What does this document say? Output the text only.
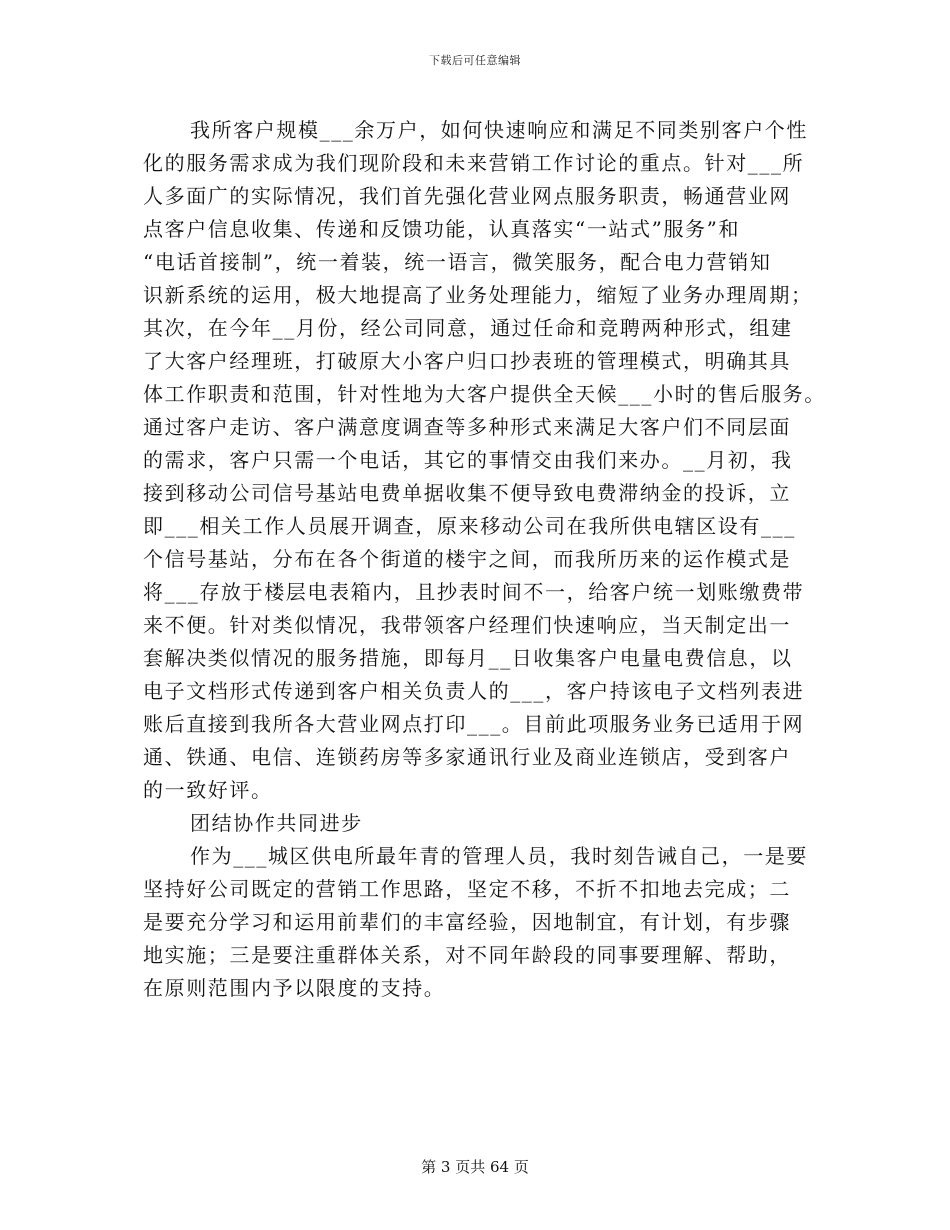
下载后可任意编辑
我所客户规模___余万户，如何快速响应和满足不同类别客户个性
化的服务需求成为我们现阶段和未来营销工作讨论的重点。针对___所
人多面广的实际情况，我们首先强化营业网点服务职责，畅通营业网
点客户信息收集、传递和反馈功能，认真落实“一站式”服务”和
“电话首接制”，统一着装，统一语言，微笑服务，配合电力营销知
识新系统的运用，极大地提高了业务处理能力，缩短了业务办理周期；
其次，在今年__月份，经公司同意，通过任命和竞聘两种形式，组建
了大客户经理班，打破原大小客户归口抄表班的管理模式，明确其具
体工作职责和范围，针对性地为大客户提供全天候___小时的售后服务。
通过客户走访、客户满意度调查等多种形式来满足大客户们不同层面
的需求，客户只需一个电话，其它的事情交由我们来办。__月初，我
接到移动公司信号基站电费单据收集不便导致电费滞纳金的投诉，立
即___相关工作人员展开调查，原来移动公司在我所供电辖区设有___
个信号基站，分布在各个街道的楼宇之间，而我所历来的运作模式是
将___存放于楼层电表箱内，且抄表时间不一，给客户统一划账缴费带
来不便。针对类似情况，我带领客户经理们快速响应，当天制定出一
套解决类似情况的服务措施，即每月__日收集客户电量电费信息，以
电子文档形式传递到客户相关负责人的___，客户持该电子文档列表进
账后直接到我所各大营业网点打印___。目前此项服务业务已适用于网
通、铁通、电信、连锁药房等多家通讯行业及商业连锁店，受到客户
的一致好评。
团结协作共同进步
作为___城区供电所最年青的管理人员，我时刻告诫自己，一是要
坚持好公司既定的营销工作思路，坚定不移，不折不扣地去完成；二
是要充分学习和运用前辈们的丰富经验，因地制宜，有计划，有步骤
地实施；三是要注重群体关系，对不同年龄段的同事要理解、帮助，
在原则范围内予以限度的支持。
第 3 页共 64 页
